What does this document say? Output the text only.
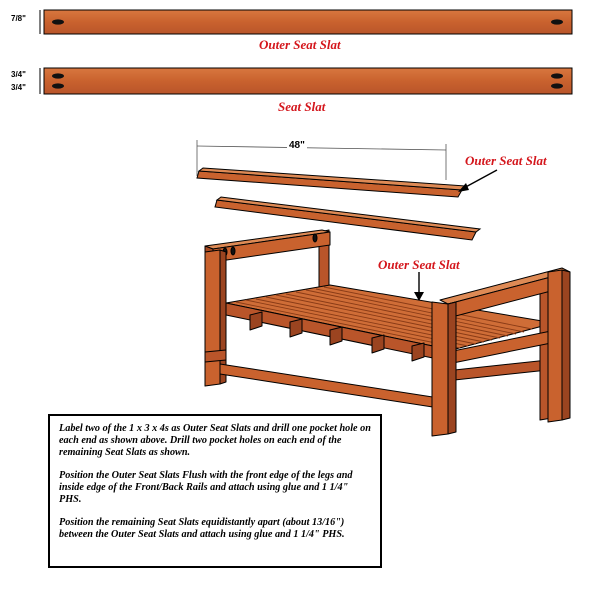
7/8"
Outer Seat Slat
3/4"
3/4"
Seat Slat
48"
Outer Seat Slat
Outer Seat Slat

Label two of the 1 x 3 x 4s as Outer Seat Slats and drill one pocket hole on each end as shown above. Drill two pocket holes on each end of the remaining Seat Slats as shown.

Position the Outer Seat Slats Flush with the front edge of the legs and inside edge of the Front/Back Rails and attach using glue and 1 1/4" PHS.

Position the remaining Seat Slats equidistantly apart (about 13/16") between the Outer Seat Slats and attach using glue and 1 1/4" PHS.
